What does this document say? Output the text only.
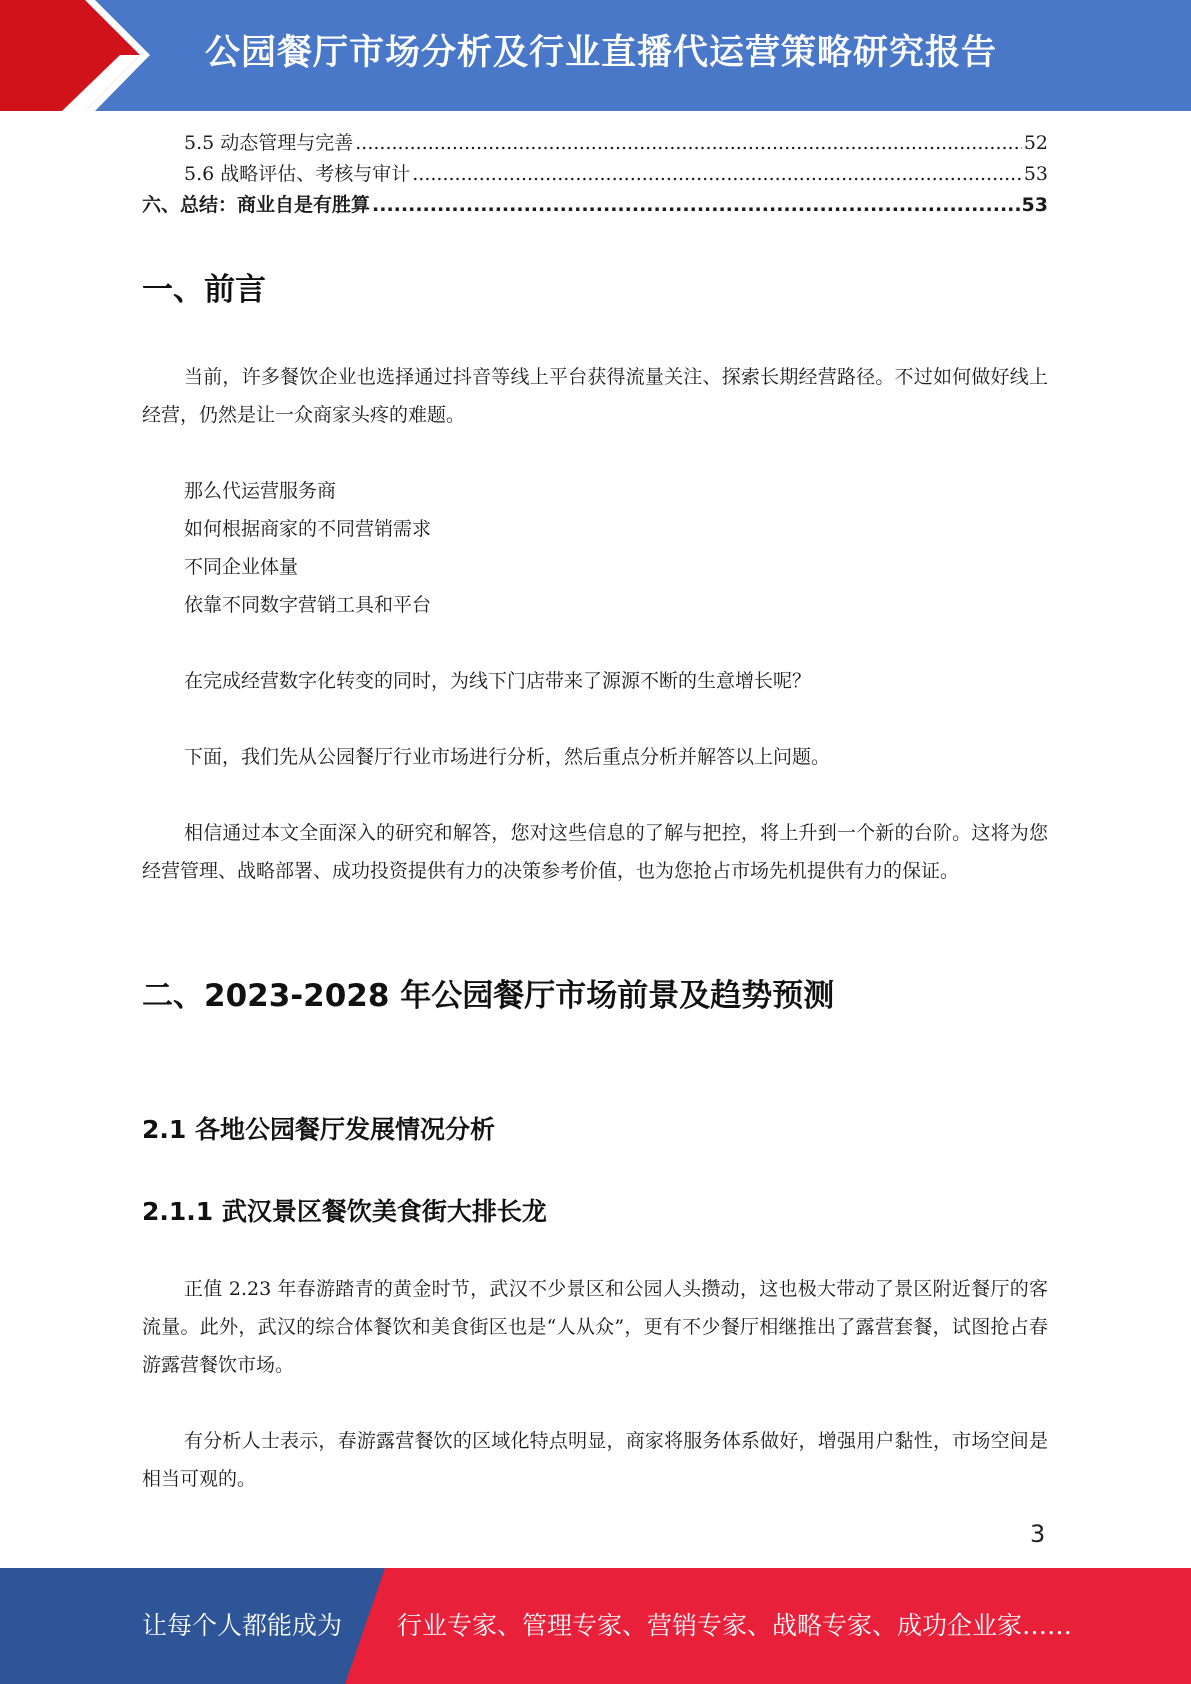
公园餐厅市场分析及行业直播代运营策略研究报告
5.5 动态管理与完善 .....	52
5.6 战略评估、考核与审计 .....	53
六、总结：商业自是有胜算 .....	53
一、前言

当前，许多餐饮企业也选择通过抖音等线上平台获得流量关注、探索长期经营路径。不过如何做好线上经营，仍然是让一众商家头疼的难题。

那么代运营服务商
如何根据商家的不同营销需求
不同企业体量
依靠不同数字营销工具和平台

在完成经营数字化转变的同时，为线下门店带来了源源不断的生意增长呢？

下面，我们先从公园餐厅行业市场进行分析，然后重点分析并解答以上问题。

相信通过本文全面深入的研究和解答，您对这些信息的了解与把控，将上升到一个新的台阶。这将为您经营管理、战略部署、成功投资提供有力的决策参考价值，也为您抢占市场先机提供有力的保证。

二、2023-2028 年公园餐厅市场前景及趋势预测
2.1 各地公园餐厅发展情况分析
2.1.1 武汉景区餐饮美食街大排长龙

正值 2.23 年春游踏青的黄金时节，武汉不少景区和公园人头攒动，这也极大带动了景区附近餐厅的客流量。此外，武汉的综合体餐饮和美食街区也是“人从众”，更有不少餐厅相继推出了露营套餐，试图抢占春游露营餐饮市场。

有分析人士表示，春游露营餐饮的区域化特点明显，商家将服务体系做好，增强用户黏性，市场空间是相当可观的。

3
让每个人都能成为 行业专家、管理专家、营销专家、战略专家、成功企业家……
